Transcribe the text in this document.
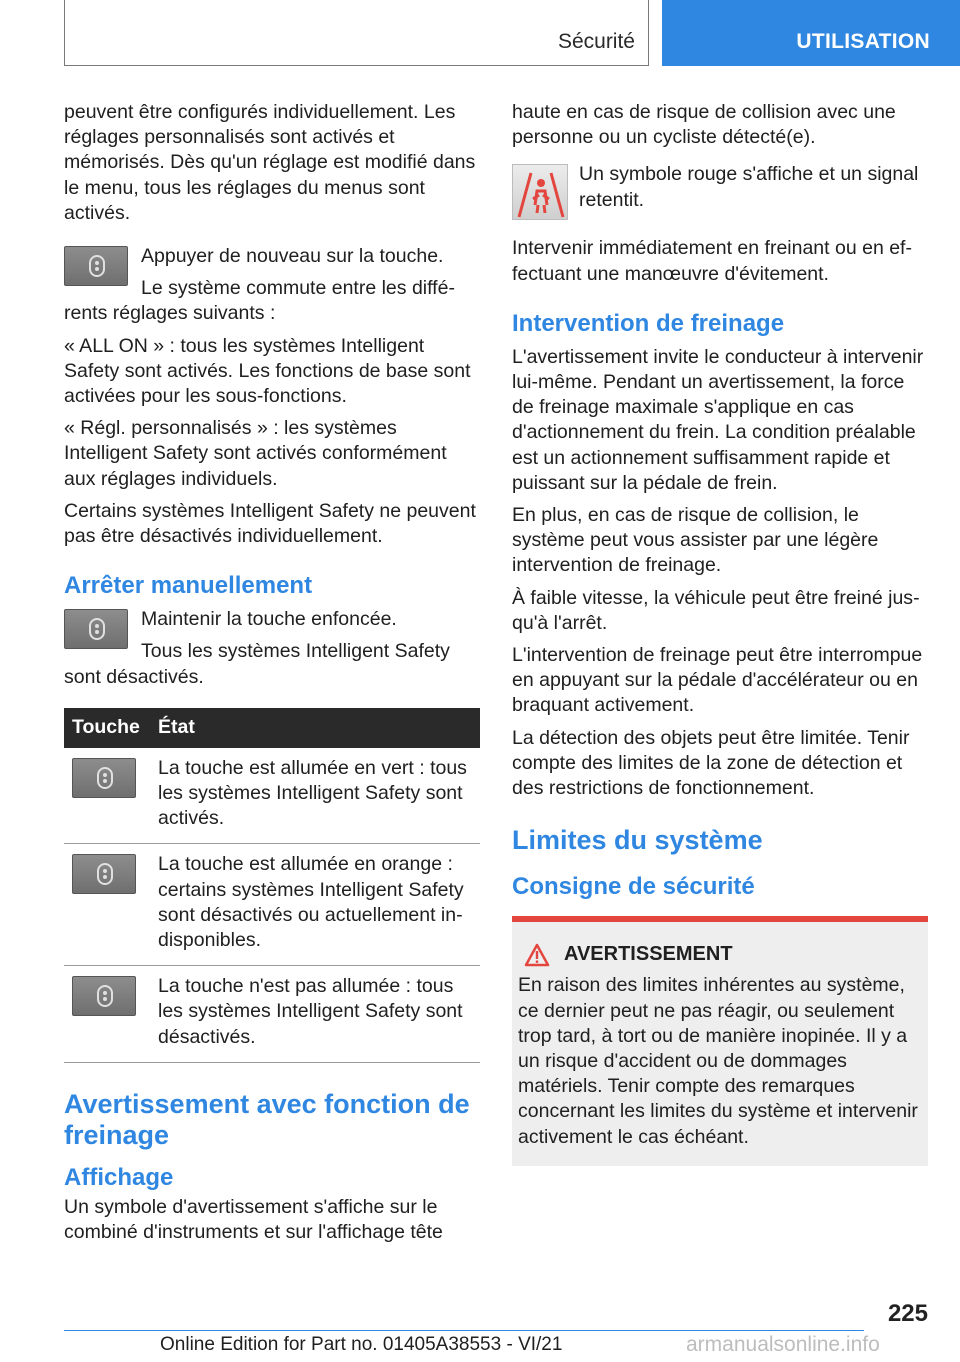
Sécurité	UTILISATION

peuvent être configurés individuellement. Les réglages personnalisés sont activés et mémorisés. Dès qu'un réglage est modifié dans le menu, tous les réglages du menus sont activés.

Appuyer de nouveau sur la touche.

Le système commute entre les différents réglages suivants :

« ALL ON » : tous les systèmes Intelligent Safety sont activés. Les fonctions de base sont activées pour les sous-fonctions.

« Régl. personnalisés » : les systèmes Intelligent Safety sont activés conformément aux réglages individuels.

Certains systèmes Intelligent Safety ne peuvent pas être désactivés individuellement.

Arrêter manuellement

Maintenir la touche enfoncée.

Tous les systèmes Intelligent Safety sont désactivés.

Touche	État

	La touche est allumée en vert : tous les systèmes Intelligent Safety sont activés.

	La touche est allumée en orange : certains systèmes Intelligent Safety sont désactivés ou actuellement indisponibles.

	La touche n'est pas allumée : tous les systèmes Intelligent Safety sont désactivés.
Avertissement avec fonction de freinage
Affichage

Un symbole d'avertissement s'affiche sur le combiné d'instruments et sur l'affichage tête

haute en cas de risque de collision avec une personne ou un cycliste détecté(e).

Un symbole rouge s'affiche et un signal retentit.

Intervenir immédiatement en freinant ou en effectuant une manœuvre d'évitement.

Intervention de freinage

L'avertissement invite le conducteur à intervenir lui-même. Pendant un avertissement, la force de freinage maximale s'applique en cas d'actionnement du frein. La condition préalable est un actionnement suffisamment rapide et puissant sur la pédale de frein.

En plus, en cas de risque de collision, le système peut vous assister par une légère intervention de freinage.

À faible vitesse, la véhicule peut être freiné jusqu'à l'arrêt.

L'intervention de freinage peut être interrompue en appuyant sur la pédale d'accélérateur ou en braquant activement.

La détection des objets peut être limitée. Tenir compte des limites de la zone de détection et des restrictions de fonctionnement.

Limites du système
Consigne de sécurité
AVERTISSEMENT

En raison des limites inhérentes au système, ce dernier peut ne pas réagir, ou seulement trop tard, à tort ou de manière inopinée. Il y a un risque d'accident ou de dommages matériels. Tenir compte des remarques concernant les limites du système et intervenir activement le cas échéant.

225
Online Edition for Part no. 01405A38553 - VI/21	armanualsonline.info
